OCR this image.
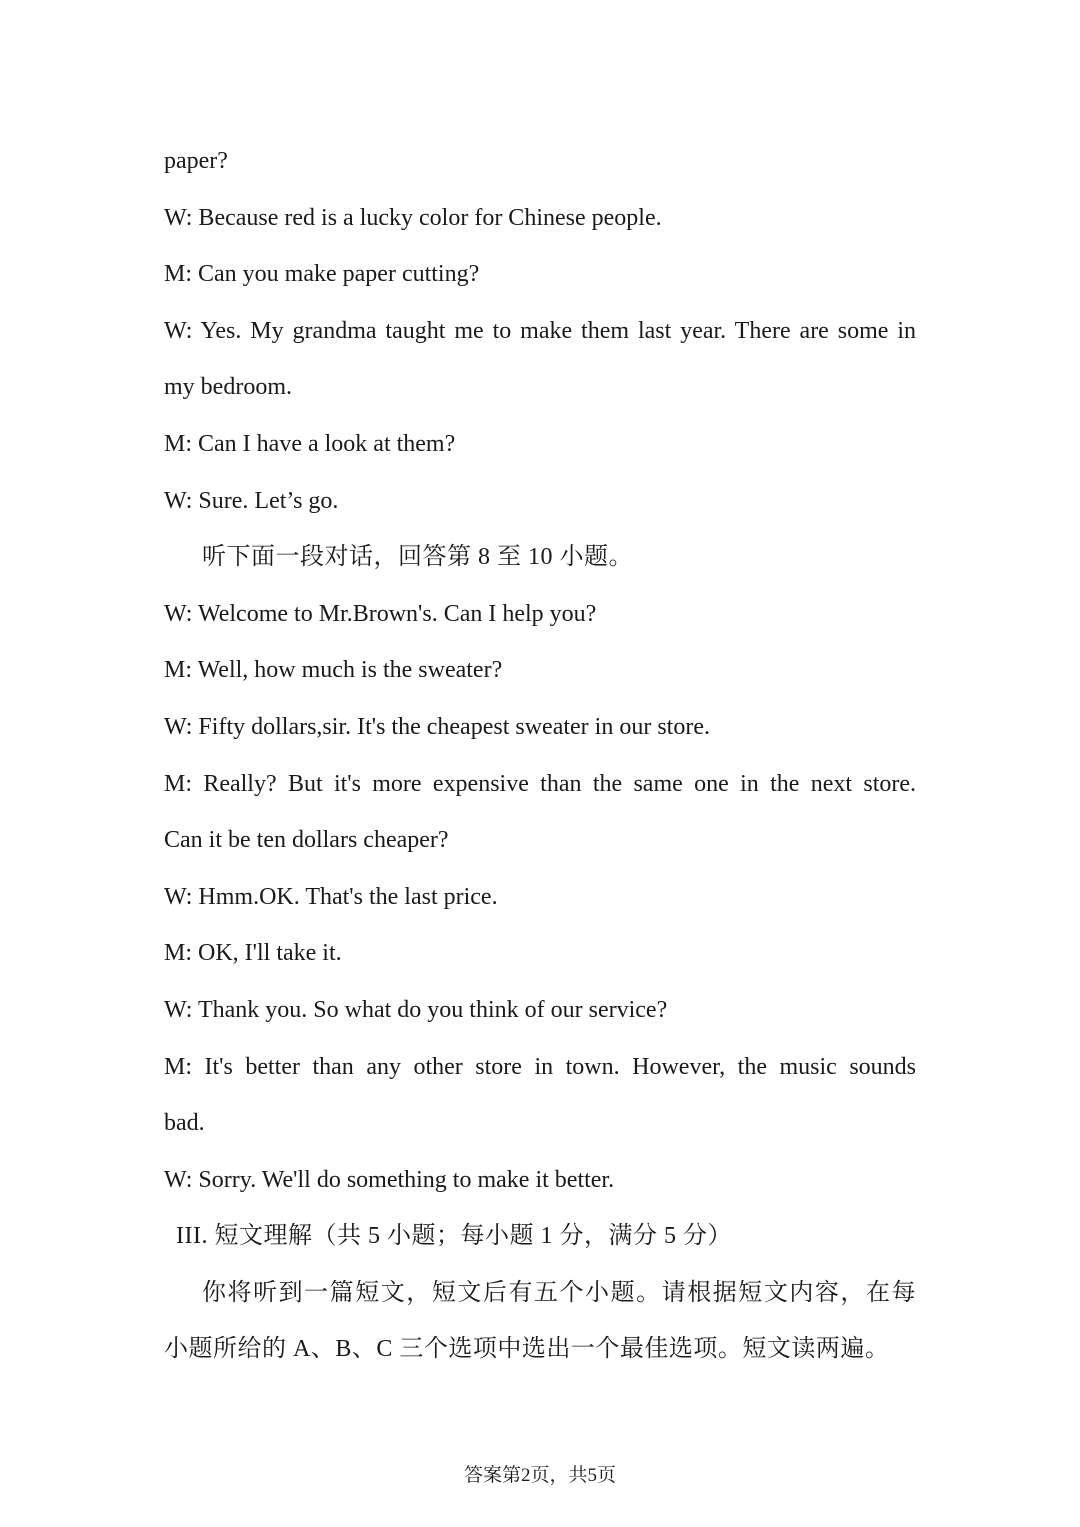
paper?
W: Because red is a lucky color for Chinese people.
M: Can you make paper cutting?
W: Yes. My grandma taught me to make them last year. There are some in
my bedroom.
M: Can I have a look at them?
W: Sure. Let’s go.
听下面一段对话，回答第 8 至 10 小题。
W: Welcome to Mr.Brown's. Can I help you?
M: Well, how much is the sweater?
W: Fifty dollars,sir. It's the cheapest sweater in our store.
M: Really? But it's more expensive than the same one in the next store.
Can it be ten dollars cheaper?
W: Hmm.OK. That's the last price.
M: OK, I'll take it.
W: Thank you. So what do you think of our service?
M: It's better than any other store in town. However, the music sounds
bad.
W: Sorry. We'll do something to make it better.
III. 短文理解（共 5 小题；每小题 1 分，满分 5 分）
你将听到一篇短文，短文后有五个小题。请根据短文内容，在每
小题所给的 A、B、C 三个选项中选出一个最佳选项。短文读两遍。
答案第2页，共5页
